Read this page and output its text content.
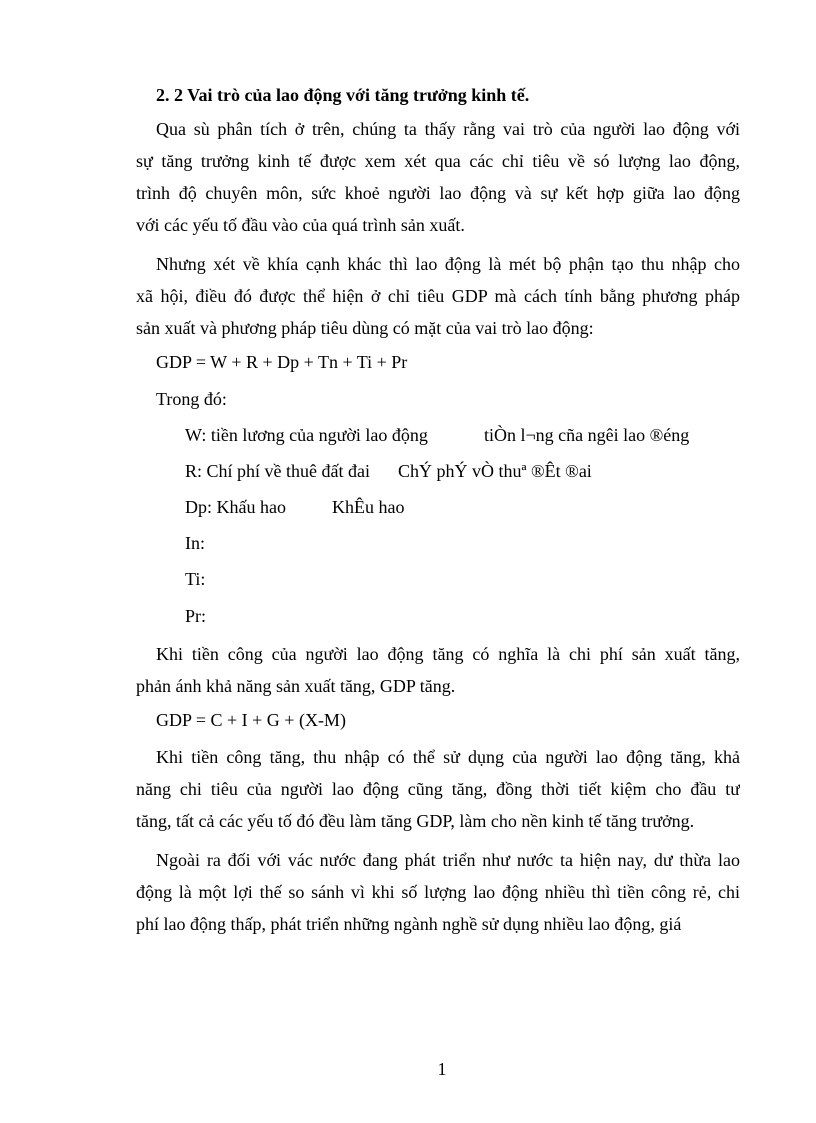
2. 2 Vai trò của lao động với tăng trưởng kinh tế.
Qua sù phân tích ở trên, chúng ta thấy rằng vai trò của người lao động với
sự tăng trưởng kinh tế được xem xét qua các chỉ tiêu về só lượng lao động,
trình độ chuyên môn, sức khoẻ người lao động và sự kết hợp giữa lao động
với các yếu tố đầu vào của quá trình sản xuất.
Nhưng xét về khía cạnh khác thì lao động là mét bộ phận tạo thu nhập cho
xã hội, điều đó được thể hiện ở chỉ tiêu GDP mà cách tính bằng phương pháp
sản xuất và phương pháp tiêu dùng có mặt của vai trò lao động:
GDP = W + R + Dp + Tn + Ti + Pr
Trong đó:
W: tiền lương của người lao động	tiÒn l¬ng cña ngêi lao ®éng
R: Chí phí về thuê đất đai ChÝ phÝ vÒ thuª ®Êt ®ai
Dp: Khấu hao	KhÊu hao
In:
Ti:
Pr:
Khi tiền công của người lao động tăng có nghĩa là chi phí sản xuất tăng,
phản ánh khả năng sản xuất tăng, GDP tăng.
GDP = C + I + G + (X-M)
Khi tiền công tăng, thu nhập có thể sử dụng của người lao động tăng, khả
năng chi tiêu của người lao động cũng tăng, đồng thời tiết kiệm cho đầu tư
tăng, tất cả các yếu tố đó đều làm tăng GDP, làm cho nền kinh tế tăng trưởng.
Ngoài ra đối với vác nước đang phát triển như nước ta hiện nay, dư thừa lao
động là một lợi thế so sánh vì khi số lượng lao động nhiều thì tiền công rẻ, chi
phí lao động thấp, phát triển những ngành nghề sử dụng nhiều lao động, giá
1
